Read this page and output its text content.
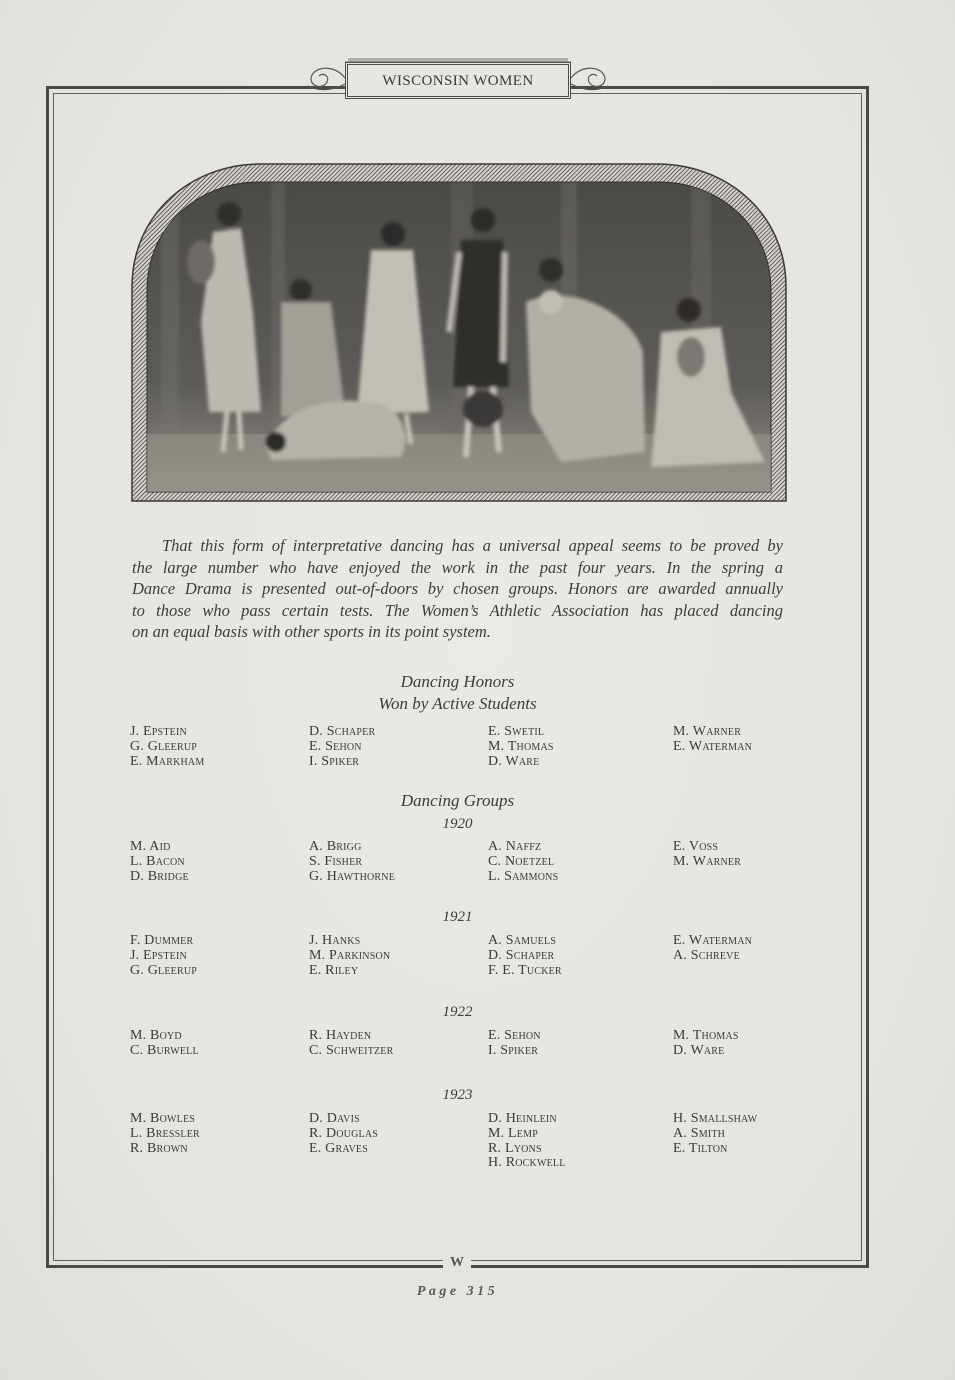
WISCONSIN WOMEN
That this form of interpretative dancing has a universal appeal seems to be proved by
the large number who have enjoyed the work in the past four years. In the spring a
Dance Drama is presented out-of-doors by chosen groups. Honors are awarded annually
to those who pass certain tests. The Women’s Athletic Association has placed dancing
on an equal basis with other sports in its point system.
Dancing Honors
Won by Active Students
J. Epstein
G. Gleerup
E. Markham
D. Schaper
E. Sehon
I. Spiker
E. Swetil
M. Thomas
D. Ware
M. Warner
E. Waterman
Dancing Groups
1920
M. Aid
L. Bacon
D. Bridge
A. Brigg
S. Fisher
G. Hawthorne
A. Naffz
C. Noetzel
L. Sammons
E. Voss
M. Warner
1921
F. Dummer
J. Epstein
G. Gleerup
J. Hanks
M. Parkinson
E. Riley
A. Samuels
D. Schaper
F. E. Tucker
E. Waterman
A. Schreve
1922
M. Boyd
C. Burwell
R. Hayden
C. Schweitzer
E. Sehon
I. Spiker
M. Thomas
D. Ware
1923
M. Bowles
L. Bressler
R. Brown
D. Davis
R. Douglas
E. Graves
D. Heinlein
M. Lemp
R. Lyons
H. Rockwell
H. Smallshaw
A. Smith
E. Tilton
W
Page 315
